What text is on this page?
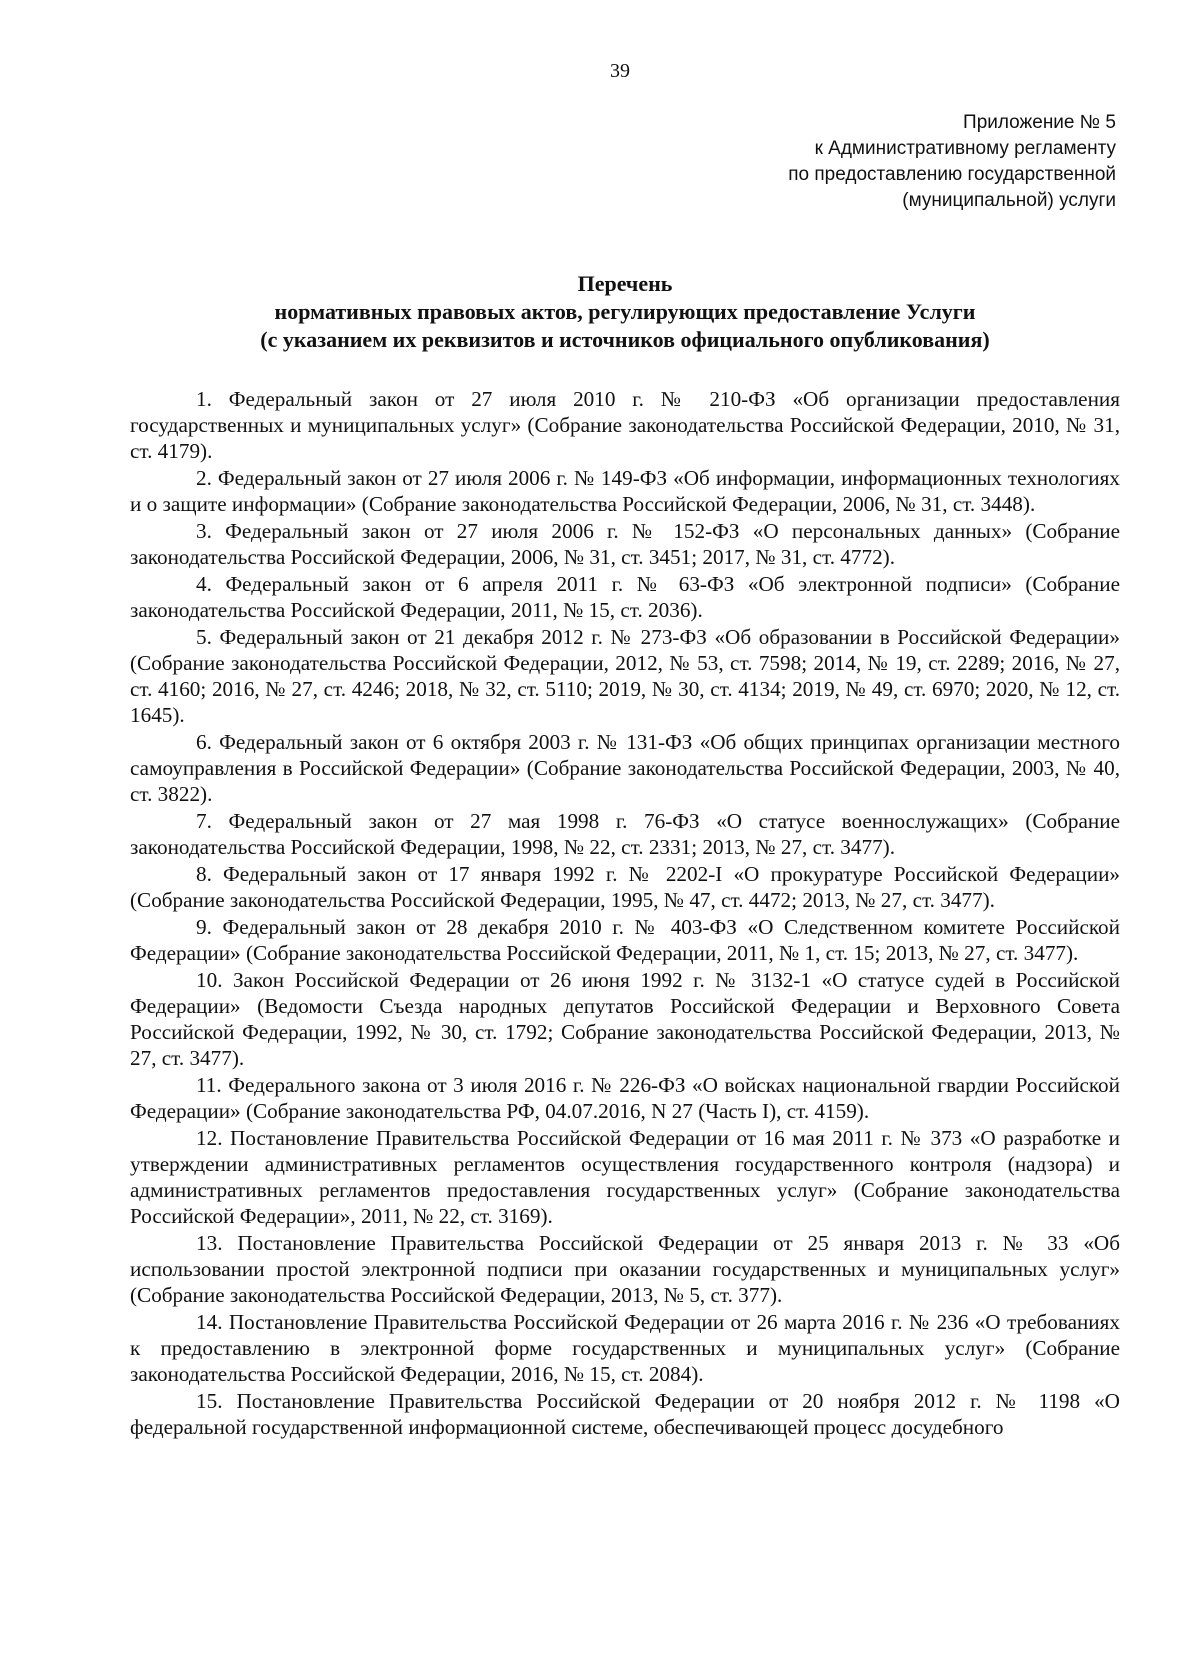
39
Приложение № 5
к Административному регламенту
по предоставлению государственной
(муниципальной) услуги
Перечень
нормативных правовых актов, регулирующих предоставление Услуги
(с указанием их реквизитов и источников официального опубликования)

1. Федеральный закон от 27 июля 2010 г. № 210-ФЗ «Об организации предоставления государственных и муниципальных услуг» (Собрание законодательства Российской Федерации, 2010, № 31, ст. 4179).

2. Федеральный закон от 27 июля 2006 г. № 149-ФЗ «Об информации, информационных технологиях и о защите информации» (Собрание законодательства Российской Федерации, 2006, № 31, ст. 3448).

3. Федеральный закон от 27 июля 2006 г. № 152-ФЗ «О персональных данных» (Собрание законодательства Российской Федерации, 2006, № 31, ст. 3451; 2017, № 31, ст. 4772).

4. Федеральный закон от 6 апреля 2011 г. № 63-ФЗ «Об электронной подписи» (Собрание законодательства Российской Федерации, 2011, № 15, ст. 2036).

5. Федеральный закон от 21 декабря 2012 г. № 273-ФЗ «Об образовании в Российской Федерации» (Собрание законодательства Российской Федерации, 2012, № 53, ст. 7598; 2014, № 19, ст. 2289; 2016, № 27, ст. 4160; 2016, № 27, ст. 4246; 2018, № 32, ст. 5110; 2019, № 30, ст. 4134; 2019, № 49, ст. 6970; 2020, № 12, ст. 1645).

6. Федеральный закон от 6 октября 2003 г. № 131-ФЗ «Об общих принципах организации местного самоуправления в Российской Федерации» (Собрание законодательства Российской Федерации, 2003, № 40, ст. 3822).

7. Федеральный закон от 27 мая 1998 г. 76-ФЗ «О статусе военнослужащих» (Собрание законодательства Российской Федерации, 1998, № 22, ст. 2331; 2013, № 27, ст. 3477).

8. Федеральный закон от 17 января 1992 г. № 2202-I «О прокуратуре Российской Федерации» (Собрание законодательства Российской Федерации, 1995, № 47, ст. 4472; 2013, № 27, ст. 3477).

9. Федеральный закон от 28 декабря 2010 г. № 403-ФЗ «О Следственном комитете Российской Федерации» (Собрание законодательства Российской Федерации, 2011, № 1, ст. 15; 2013, № 27, ст. 3477).

10. Закон Российской Федерации от 26 июня 1992 г. № 3132-1 «О статусе судей в Российской Федерации» (Ведомости Съезда народных депутатов Российской Федерации и Верховного Совета Российской Федерации, 1992, № 30, ст. 1792; Собрание законодательства Российской Федерации, 2013, № 27, ст. 3477).

11. Федерального закона от 3 июля 2016 г. № 226-ФЗ «О войсках национальной гвардии Российской Федерации» (Собрание законодательства РФ, 04.07.2016, N 27 (Часть I), ст. 4159).

12. Постановление Правительства Российской Федерации от 16 мая 2011 г. № 373 «О разработке и утверждении административных регламентов осуществления государственного контроля (надзора) и административных регламентов предоставления государственных услуг» (Собрание законодательства Российской Федерации», 2011, № 22, ст. 3169).

13. Постановление Правительства Российской Федерации от 25 января 2013 г. № 33 «Об использовании простой электронной подписи при оказании государственных и муниципальных услуг» (Собрание законодательства Российской Федерации, 2013, № 5, ст. 377).

14. Постановление Правительства Российской Федерации от 26 марта 2016 г. № 236 «О требованиях к предоставлению в электронной форме государственных и муниципальных услуг» (Собрание законодательства Российской Федерации, 2016, № 15, ст. 2084).

15. Постановление Правительства Российской Федерации от 20 ноября 2012 г. № 1198 «О федеральной государственной информационной системе, обеспечивающей процесс досудебного
